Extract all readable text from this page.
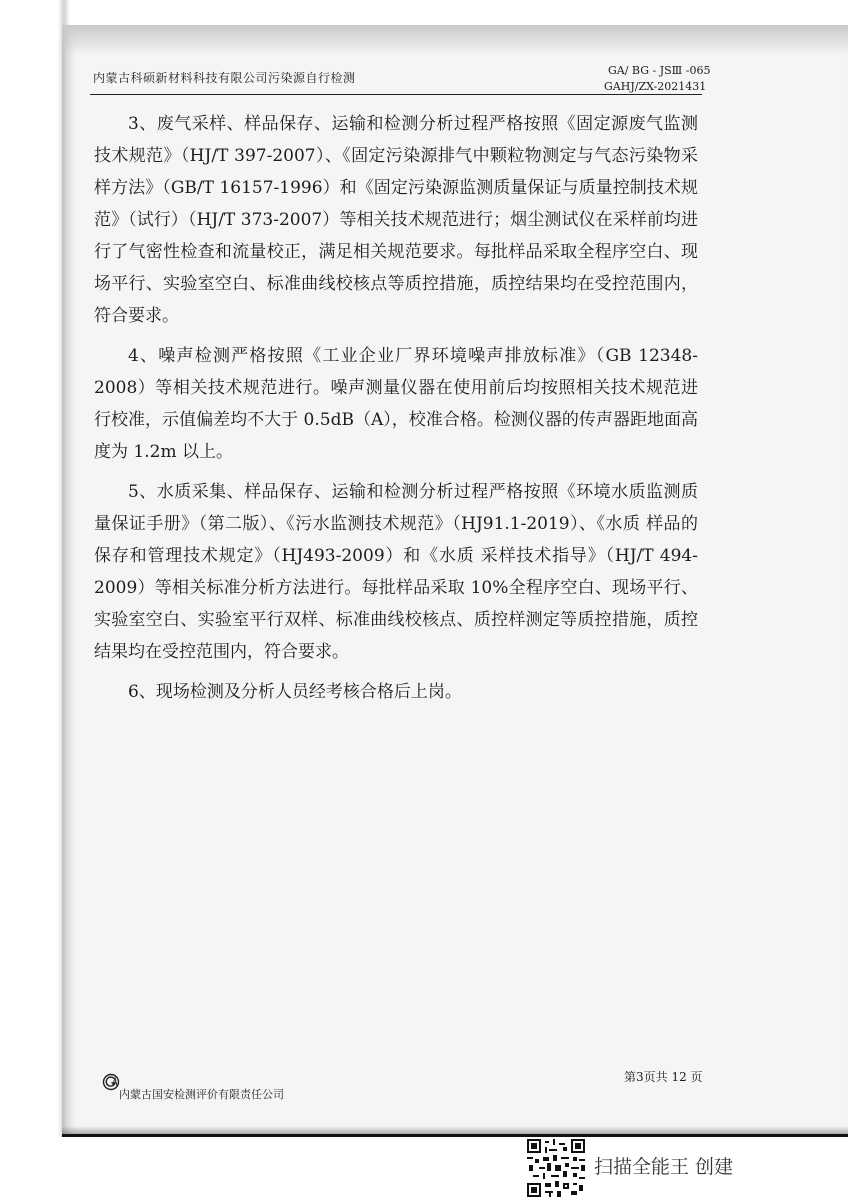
内蒙古科硕新材料科技有限公司污染源自行检测
GA/ BG - JSⅢ -065
GAHJ/ZX-2021431

3、废气采样、样品保存、运输和检测分析过程严格按照《固定源废气监测技术规范》（HJ/T 397-2007）、《固定污染源排气中颗粒物测定与气态污染物采样方法》（GB/T 16157-1996）和《固定污染源监测质量保证与质量控制技术规范》（试行）（HJ/T 373-2007）等相关技术规范进行；烟尘测试仪在采样前均进行了气密性检查和流量校正，满足相关规范要求。每批样品采取全程序空白、现场平行、实验室空白、标准曲线校核点等质控措施，质控结果均在受控范围内，符合要求。

4、噪声检测严格按照《工业企业厂界环境噪声排放标准》（GB 12348-2008）等相关技术规范进行。噪声测量仪器在使用前后均按照相关技术规范进行校准，示值偏差均不大于 0.5dB（A），校准合格。检测仪器的传声器距地面高度为 1.2m 以上。

5、水质采集、样品保存、运输和检测分析过程严格按照《环境水质监测质量保证手册》（第二版）、《污水监测技术规范》（HJ91.1-2019）、《水质 样品的保存和管理技术规定》（HJ493-2009）和《水质 采样技术指导》（HJ/T 494-2009）等相关标准分析方法进行。每批样品采取 10%全程序空白、现场平行、实验室空白、实验室平行双样、标准曲线校核点、质控样测定等质控措施，质控结果均在受控范围内，符合要求。

6、现场检测及分析人员经考核合格后上岗。

第3页共 12 页
内蒙古国安检测评价有限责任公司
扫描全能王 创建
